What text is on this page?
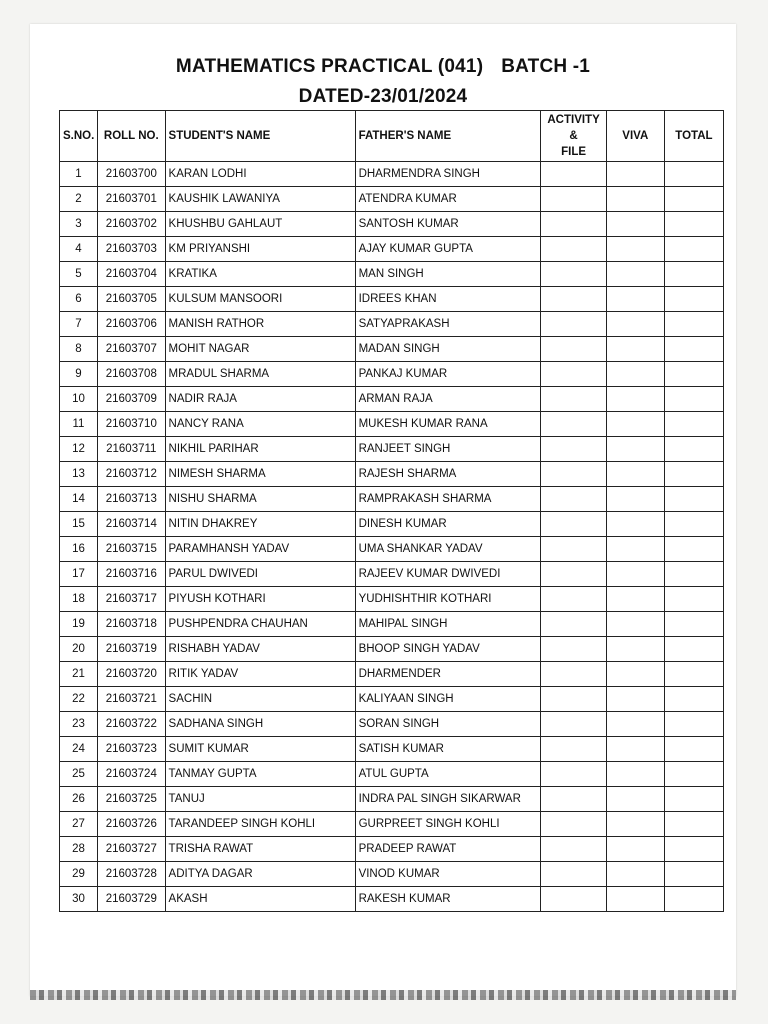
MATHEMATICS PRACTICAL (041) BATCH -1
DATED-23/01/2024
S.NO.	ROLL NO.	STUDENT'S NAME	FATHER'S NAME	ACTIVITY
&
FILE	VIVA	TOTAL
1	21603700	KARAN LODHI	DHARMENDRA SINGH			
2	21603701	KAUSHIK LAWANIYA	ATENDRA KUMAR			
3	21603702	KHUSHBU GAHLAUT	SANTOSH KUMAR			
4	21603703	KM PRIYANSHI	AJAY KUMAR GUPTA			
5	21603704	KRATIKA	MAN SINGH			
6	21603705	KULSUM MANSOORI	IDREES KHAN			
7	21603706	MANISH RATHOR	SATYAPRAKASH			
8	21603707	MOHIT NAGAR	MADAN SINGH			
9	21603708	MRADUL SHARMA	PANKAJ KUMAR			
10	21603709	NADIR RAJA	ARMAN RAJA			
11	21603710	NANCY RANA	MUKESH KUMAR RANA			
12	21603711	NIKHIL PARIHAR	RANJEET SINGH			
13	21603712	NIMESH SHARMA	RAJESH SHARMA			
14	21603713	NISHU SHARMA	RAMPRAKASH SHARMA			
15	21603714	NITIN DHAKREY	DINESH KUMAR			
16	21603715	PARAMHANSH YADAV	UMA SHANKAR YADAV			
17	21603716	PARUL DWIVEDI	RAJEEV KUMAR DWIVEDI			
18	21603717	PIYUSH KOTHARI	YUDHISHTHIR KOTHARI			
19	21603718	PUSHPENDRA CHAUHAN	MAHIPAL SINGH			
20	21603719	RISHABH YADAV	BHOOP SINGH YADAV			
21	21603720	RITIK YADAV	DHARMENDER			
22	21603721	SACHIN	KALIYAAN SINGH			
23	21603722	SADHANA SINGH	SORAN SINGH			
24	21603723	SUMIT KUMAR	SATISH KUMAR			
25	21603724	TANMAY GUPTA	ATUL GUPTA			
26	21603725	TANUJ	INDRA PAL SINGH SIKARWAR			
27	21603726	TARANDEEP SINGH KOHLI	GURPREET SINGH KOHLI			
28	21603727	TRISHA RAWAT	PRADEEP RAWAT			
29	21603728	ADITYA DAGAR	VINOD KUMAR			
30	21603729	AKASH	RAKESH KUMAR			
